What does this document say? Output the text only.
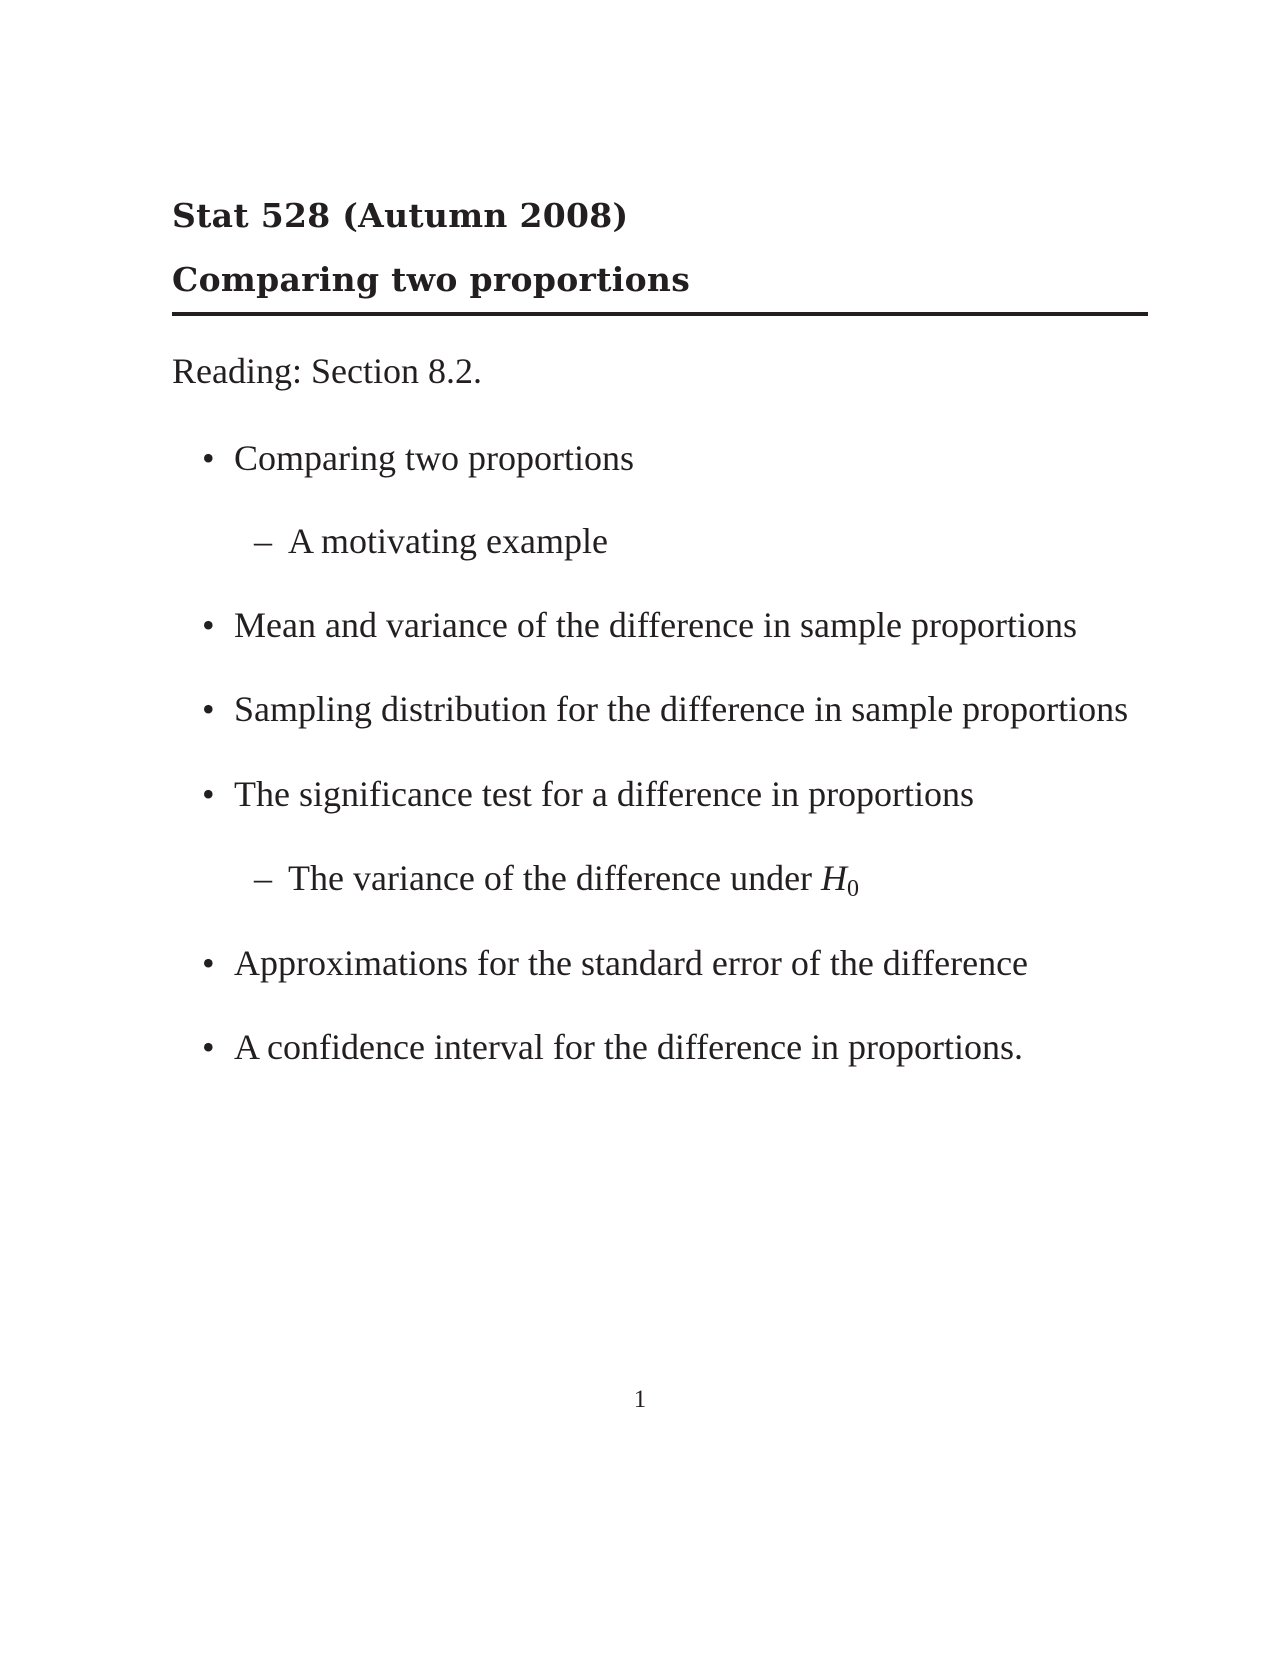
Stat 528 (Autumn 2008)
Comparing two proportions
Reading: Section 8.2.
• Comparing two proportions
– A motivating example
• Mean and variance of the difference in sample proportions
• Sampling distribution for the difference in sample proportions
• The significance test for a difference in proportions
– The variance of the difference under $H_0$
• Approximations for the standard error of the difference
• A confidence interval for the difference in proportions.
1
